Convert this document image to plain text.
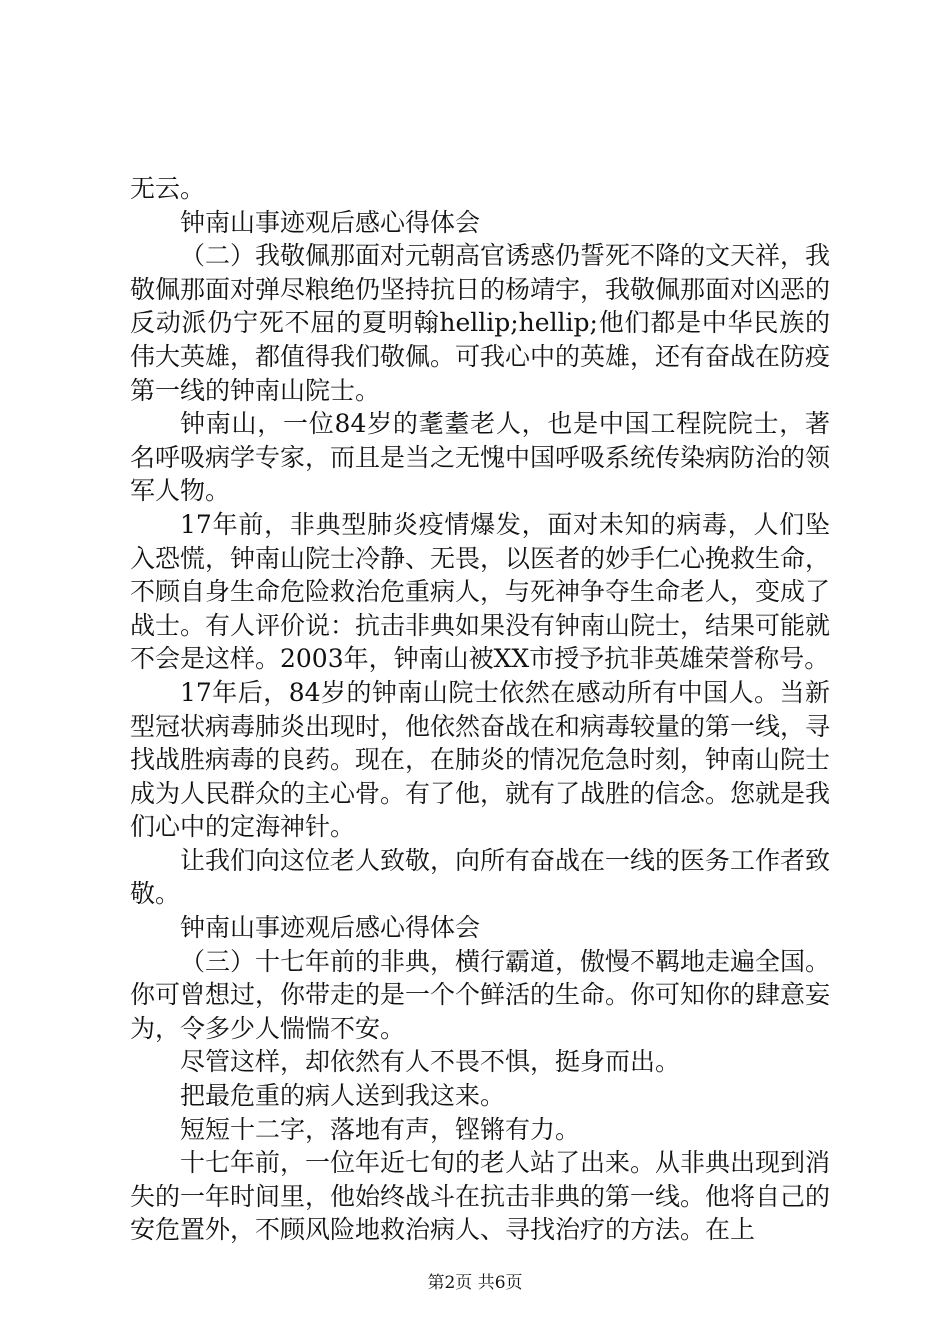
无云。

钟南山事迹观后感心得体会

（二）我敬佩那面对元朝高官诱惑仍誓死不降的文天祥，我敬佩那面对弹尽粮绝仍坚持抗日的杨靖宇，我敬佩那面对凶恶的反动派仍宁死不屈的夏明翰hellip;hellip;他们都是中华民族的伟大英雄，都值得我们敬佩。可我心中的英雄，还有奋战在防疫第一线的钟南山院士。

钟南山，一位84岁的耄耋老人，也是中国工程院院士，著名呼吸病学专家，而且是当之无愧中国呼吸系统传染病防治的领军人物。

17年前，非典型肺炎疫情爆发，面对未知的病毒，人们坠入恐慌，钟南山院士冷静、无畏，以医者的妙手仁心挽救生命，不顾自身生命危险救治危重病人，与死神争夺生命老人，变成了战士。有人评价说：抗击非典如果没有钟南山院士，结果可能就不会是这样。2003年，钟南山被XX市授予抗非英雄荣誉称号。

17年后，84岁的钟南山院士依然在感动所有中国人。当新型冠状病毒肺炎出现时，他依然奋战在和病毒较量的第一线，寻找战胜病毒的良药。现在，在肺炎的情况危急时刻，钟南山院士成为人民群众的主心骨。有了他，就有了战胜的信念。您就是我们心中的定海神针。

让我们向这位老人致敬，向所有奋战在一线的医务工作者致敬。

钟南山事迹观后感心得体会

（三）十七年前的非典，横行霸道，傲慢不羁地走遍全国。你可曾想过，你带走的是一个个鲜活的生命。你可知你的肆意妄为，令多少人惴惴不安。

尽管这样，却依然有人不畏不惧，挺身而出。

把最危重的病人送到我这来。

短短十二字，落地有声，铿锵有力。

十七年前，一位年近七旬的老人站了出来。从非典出现到消失的一年时间里，他始终战斗在抗击非典的第一线。他将自己的安危置外，不顾风险地救治病人、寻找治疗的方法。在上

第2页 共6页
